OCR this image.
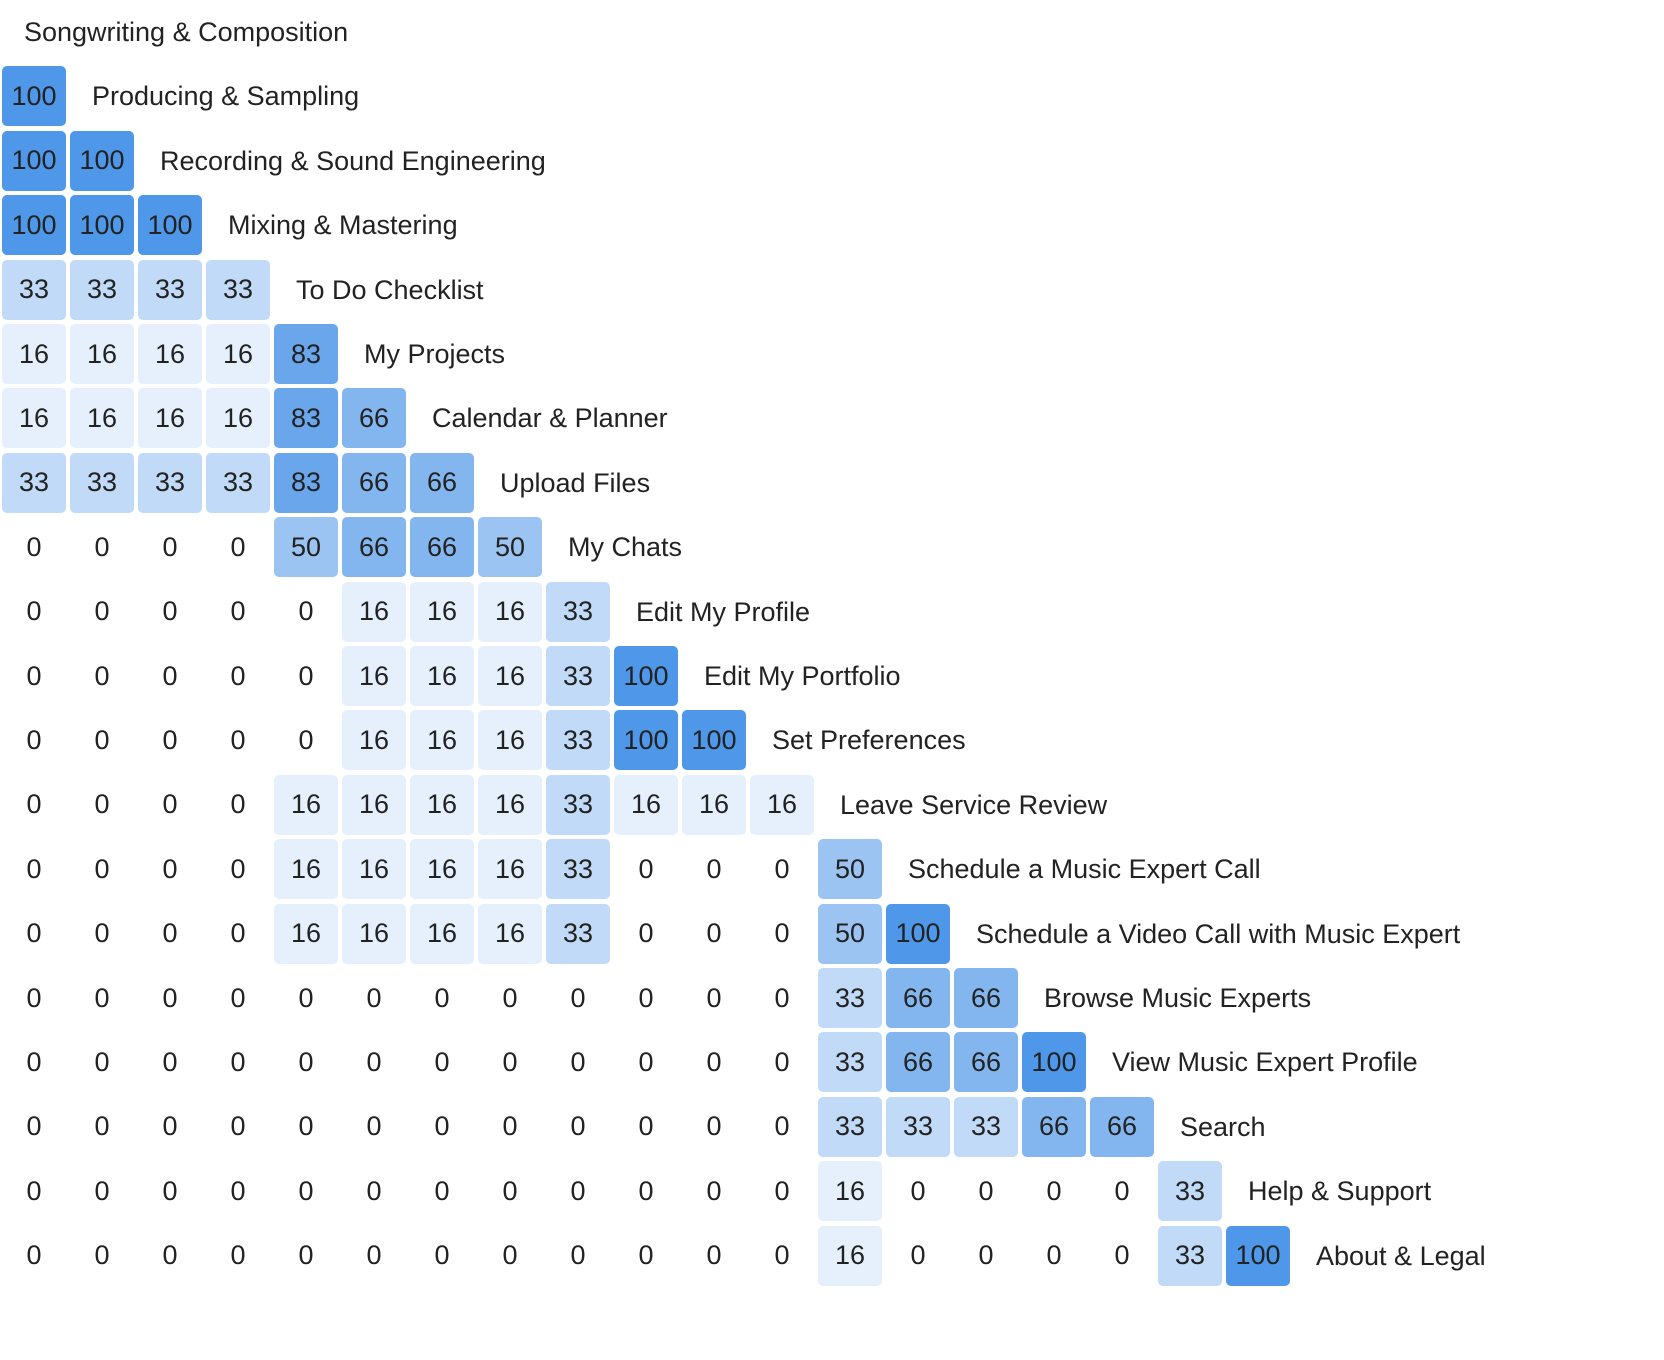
Songwriting & Composition
100 Producing & Sampling
100 100 Recording & Sound Engineering
100 100 100 Mixing & Mastering
33 33 33 33 To Do Checklist
16 16 16 16 83 My Projects
16 16 16 16 83 66 Calendar & Planner
33 33 33 33 83 66 66 Upload Files
0 0 0 0 50 66 66 50 My Chats
0 0 0 0 0 16 16 16 33 Edit My Profile
0 0 0 0 0 16 16 16 33 100 Edit My Portfolio
0 0 0 0 0 16 16 16 33 100 100 Set Preferences
0 0 0 0 16 16 16 16 33 16 16 16 Leave Service Review
0 0 0 0 16 16 16 16 33 0 0 0 50 Schedule a Music Expert Call
0 0 0 0 16 16 16 16 33 0 0 0 50 100 Schedule a Video Call with Music Expert
0 0 0 0 0 0 0 0 0 0 0 0 33 66 66 Browse Music Experts
0 0 0 0 0 0 0 0 0 0 0 0 33 66 66 100 View Music Expert Profile
0 0 0 0 0 0 0 0 0 0 0 0 33 33 33 66 66 Search
0 0 0 0 0 0 0 0 0 0 0 0 16 0 0 0 0 33 Help & Support
0 0 0 0 0 0 0 0 0 0 0 0 16 0 0 0 0 33 100 About & Legal
